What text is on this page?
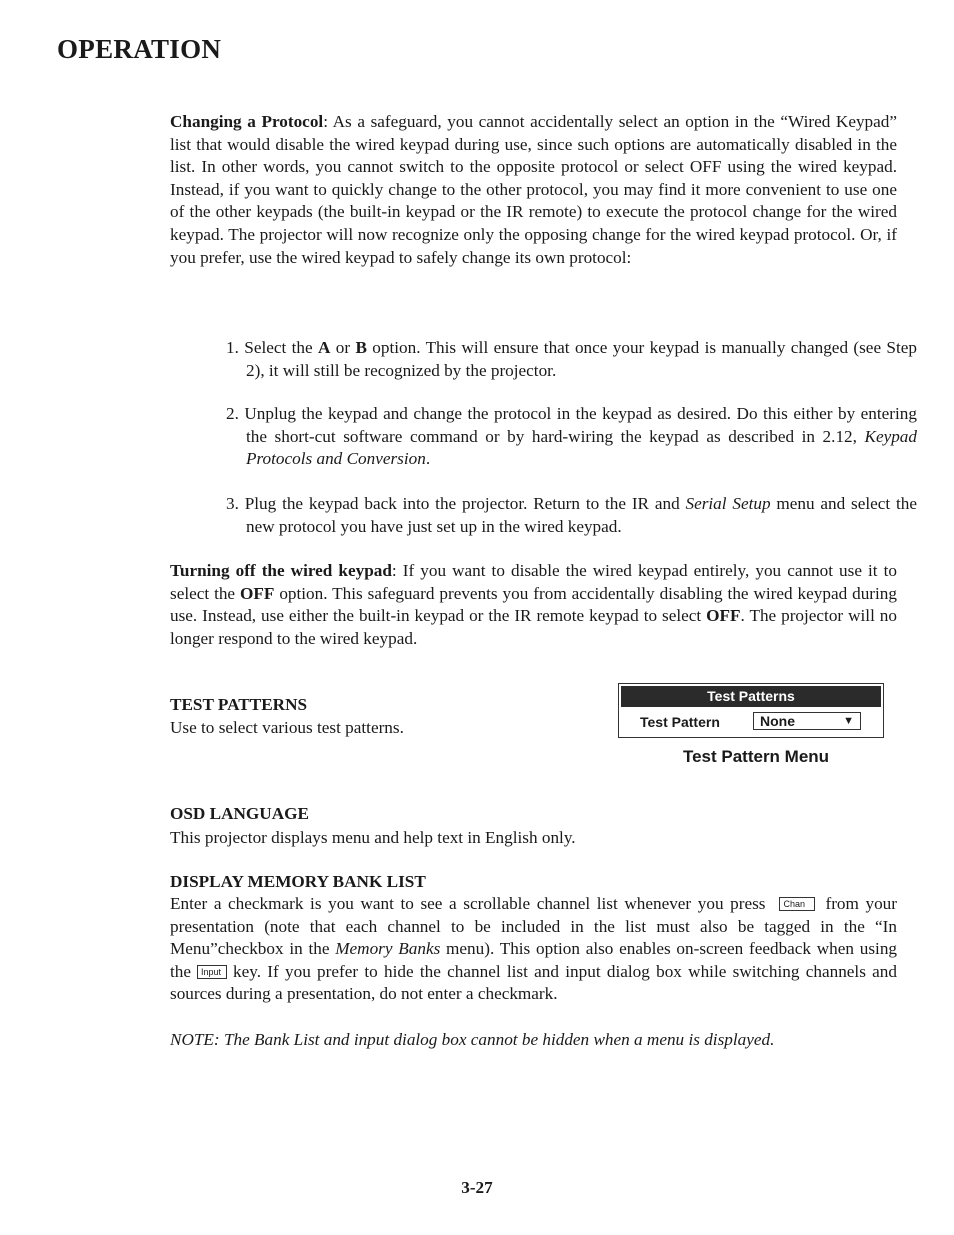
OPERATION
Changing a Protocol: As a safeguard, you cannot accidentally select an option in the “Wired Keypad” list that would disable the wired keypad during use, since such options are automatically disabled in the list. In other words, you cannot switch to the opposite protocol or select OFF using the wired keypad. Instead, if you want to quickly change to the other protocol, you may find it more convenient to use one of the other keypads (the built-in keypad or the IR remote) to execute the protocol change for the wired keypad. The projector will now recognize only the opposing change for the wired keypad protocol. Or, if you prefer, use the wired keypad to safely change its own protocol:
1. Select the A or B option. This will ensure that once your keypad is manually changed (see Step 2), it will still be recognized by the projector.
2. Unplug the keypad and change the protocol in the keypad as desired. Do this either by entering the short-cut software command or by hard-wiring the keypad as described in 2.12, Keypad Protocols and Conversion.
3. Plug the keypad back into the projector. Return to the IR and Serial Setup menu and select the new protocol you have just set up in the wired keypad.
Turning off the wired keypad: If you want to disable the wired keypad entirely, you cannot use it to select the OFF option. This safeguard prevents you from accidentally disabling the wired keypad during use. Instead, use either the built-in keypad or the IR remote keypad to select OFF. The projector will no longer respond to the wired keypad.
TEST PATTERNS
Use to select various test patterns.
Test Patterns
Test Pattern	None	▼
Test Pattern Menu
OSD LANGUAGE
This projector displays menu and help text in English only.
DISPLAY MEMORY BANK LIST
Enter a checkmark is you want to see a scrollable channel list whenever you press Chan from your presentation (note that each channel to be included in the list must also be tagged in the “In Menu”checkbox in the Memory Banks menu). This option also enables on-screen feedback when using the Input key. If you prefer to hide the channel list and input dialog box while switching channels and sources during a presentation, do not enter a checkmark.
NOTE: The Bank List and input dialog box cannot be hidden when a menu is displayed.
3-27
